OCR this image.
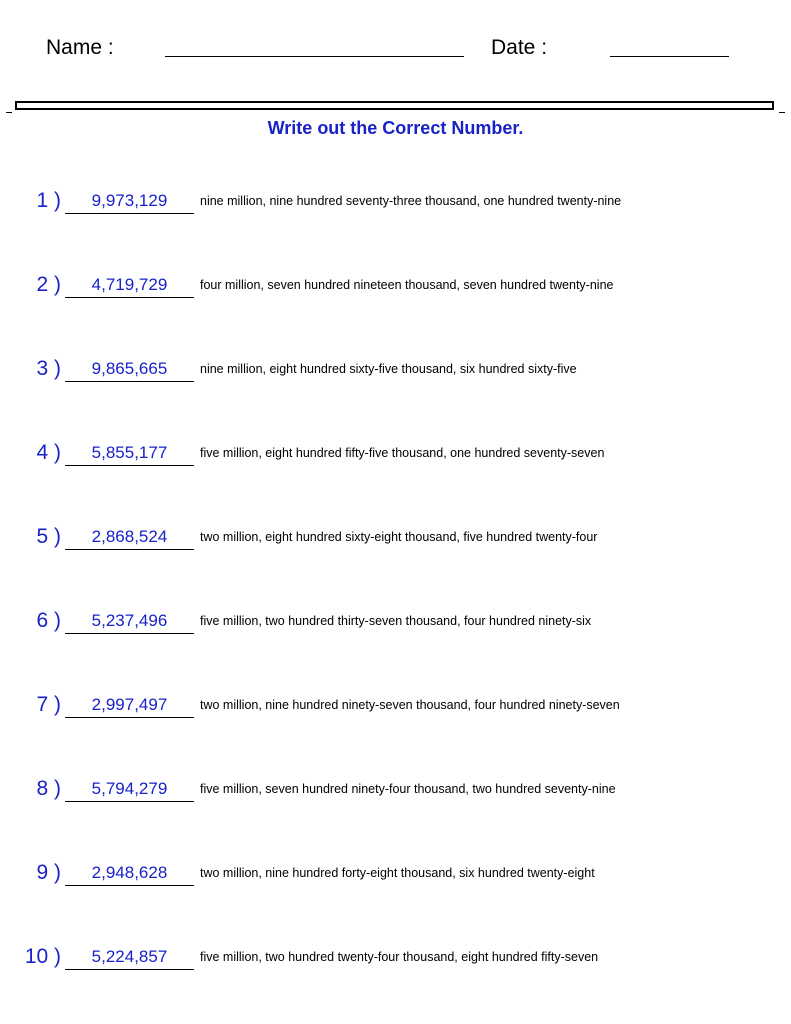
Name :	Date :
Write out the Correct Number.
1 )	9,973,129	nine million, nine hundred seventy-three thousand, one hundred twenty-nine
2 )	4,719,729	four million, seven hundred nineteen thousand, seven hundred twenty-nine
3 )	9,865,665	nine million, eight hundred sixty-five thousand, six hundred sixty-five
4 )	5,855,177	five million, eight hundred fifty-five thousand, one hundred seventy-seven
5 )	2,868,524	two million, eight hundred sixty-eight thousand, five hundred twenty-four
6 )	5,237,496	five million, two hundred thirty-seven thousand, four hundred ninety-six
7 )	2,997,497	two million, nine hundred ninety-seven thousand, four hundred ninety-seven
8 )	5,794,279	five million, seven hundred ninety-four thousand, two hundred seventy-nine
9 )	2,948,628	two million, nine hundred forty-eight thousand, six hundred twenty-eight
10 )	5,224,857	five million, two hundred twenty-four thousand, eight hundred fifty-seven
